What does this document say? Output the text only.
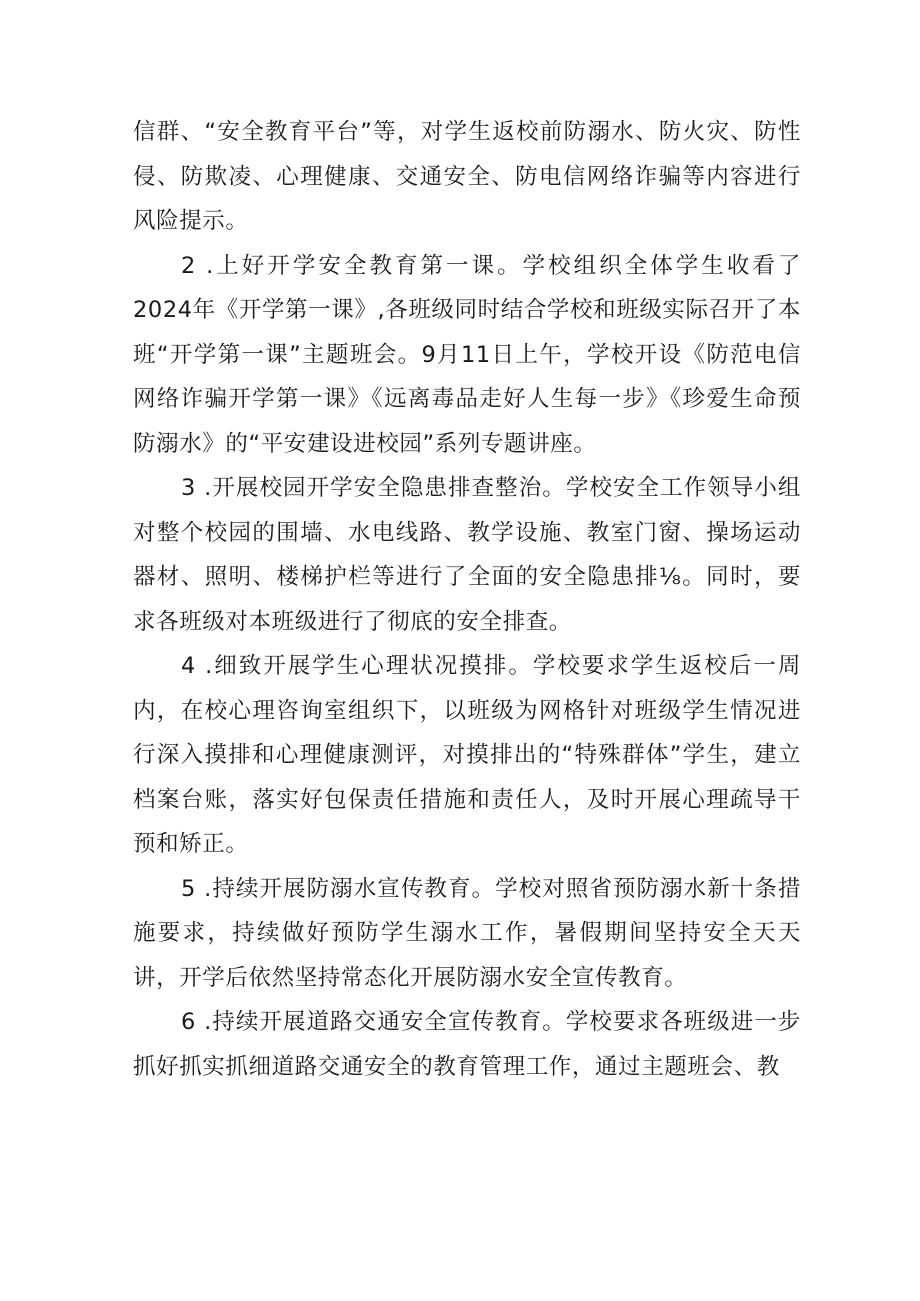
信群、“安全教育平台”等，对学生返校前防溺水、防火灾、防性侵、防欺凌、心理健康、交通安全、防电信网络诈骗等内容进行风险提示。

2 .上好开学安全教育第一课。学校组织全体学生收看了2024年《开学第一课》,各班级同时结合学校和班级实际召开了本班“开学第一课”主题班会。9月11日上午，学校开设《防范电信网络诈骗开学第一课》《远离毒品走好人生每一步》《珍爱生命预防溺水》的“平安建设进校园”系列专题讲座。

3 .开展校园开学安全隐患排查整治。学校安全工作领导小组对整个校园的围墙、水电线路、教学设施、教室门窗、操场运动器材、照明、楼梯护栏等进行了全面的安全隐患排⅛。同时，要求各班级对本班级进行了彻底的安全排查。

4 .细致开展学生心理状况摸排。学校要求学生返校后一周内，在校心理咨询室组织下，以班级为网格针对班级学生情况进行深入摸排和心理健康测评，对摸排出的“特殊群体”学生，建立档案台账，落实好包保责任措施和责任人，及时开展心理疏导干预和矫正。

5 .持续开展防溺水宣传教育。学校对照省预防溺水新十条措施要求，持续做好预防学生溺水工作，暑假期间坚持安全天天讲，开学后依然坚持常态化开展防溺水安全宣传教育。

6 .持续开展道路交通安全宣传教育。学校要求各班级进一步抓好抓实抓细道路交通安全的教育管理工作，通过主题班会、教
